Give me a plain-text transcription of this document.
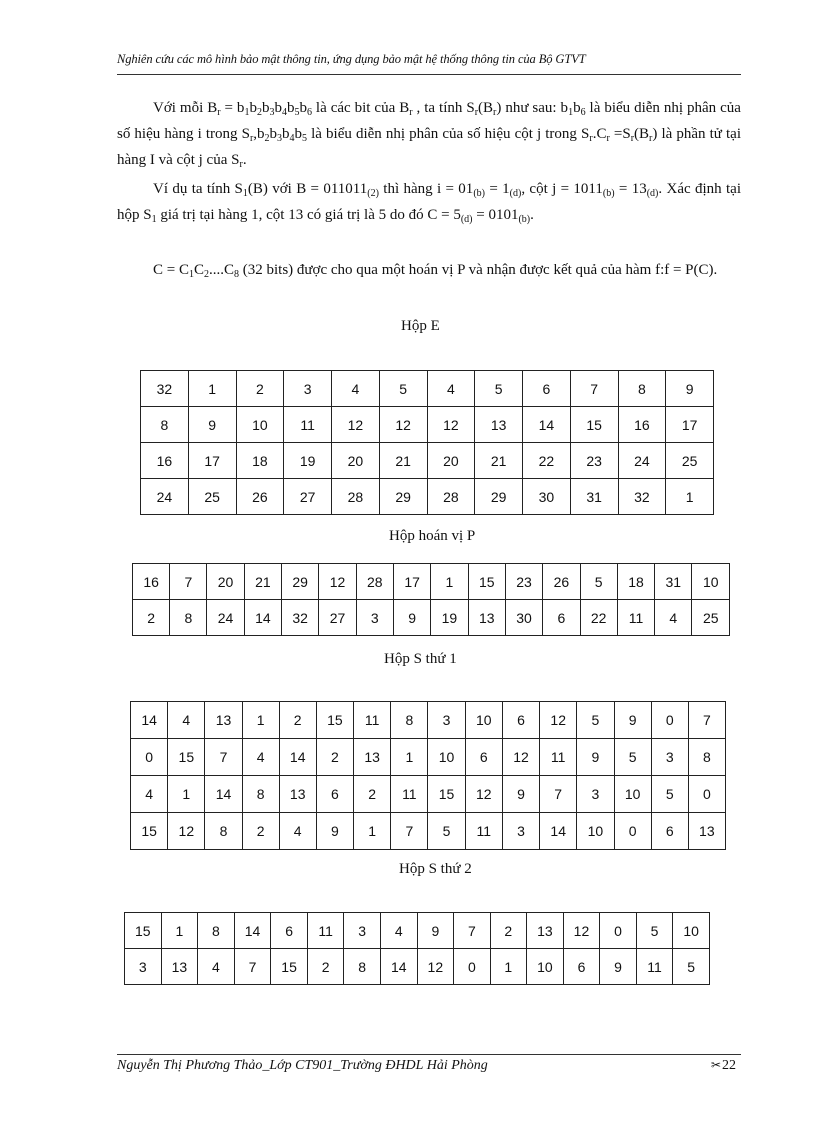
Nghiên cứu các mô hình bảo mật thông tin, ứng dụng bảo mật hệ thống thông tin của Bộ GTVT

Với mỗi $B_r = b_1b_2b_3b_4b_5b_6$ là các bit của $B_r$ , ta tính $S_r(B_r)$ như sau: $b_1b_6$ là biểu diễn nhị phân của số hiệu hàng i trong $S_r,b_2b_3b_4b_5$ là biểu diễn nhị phân của số hiệu cột j trong $S_r.C_r =S_r(B_r)$ là phần tử tại hàng I và cột j của $S_r$.

Ví dụ ta tính $S_1(B)$ với $B = 011011_{(2)}$ thì hàng $i = 01_{(b)} = 1_{(d)}$, cột $j = 1011_{(b)} = 13_{(d)}$. Xác định tại hộp $S_1$ giá trị tại hàng 1, cột 13 có giá trị là 5 do đó $C = 5_{(d)} = 0101_{(b)}$.

$C = C_1C_2....C_8$ (32 bits) được cho qua một hoán vị P và nhận được kết quả của hàm f:f = P(C).

Hộp E
32	1	2	3	4	5	4	5	6	7	8	9
8	9	10	11	12	12	12	13	14	15	16	17
16	17	18	19	20	21	20	21	22	23	24	25
24	25	26	27	28	29	28	29	30	31	32	1
Hộp hoán vị P
16	7	20	21	29	12	28	17	1	15	23	26	5	18	31	10
2	8	24	14	32	27	3	9	19	13	30	6	22	11	4	25
Hộp S thứ 1
14	4	13	1	2	15	11	8	3	10	6	12	5	9	0	7
0	15	7	4	14	2	13	1	10	6	12	11	9	5	3	8
4	1	14	8	13	6	2	11	15	12	9	7	3	10	5	0
15	12	8	2	4	9	1	7	5	11	3	14	10	0	6	13
Hộp S thứ 2
15	1	8	14	6	11	3	4	9	7	2	13	12	0	5	10
3	13	4	7	15	2	8	14	12	0	1	10	6	9	11	5
Nguyễn Thị Phương Thảo_Lớp CT901_Trường ĐHDL Hải Phòng	✂22
